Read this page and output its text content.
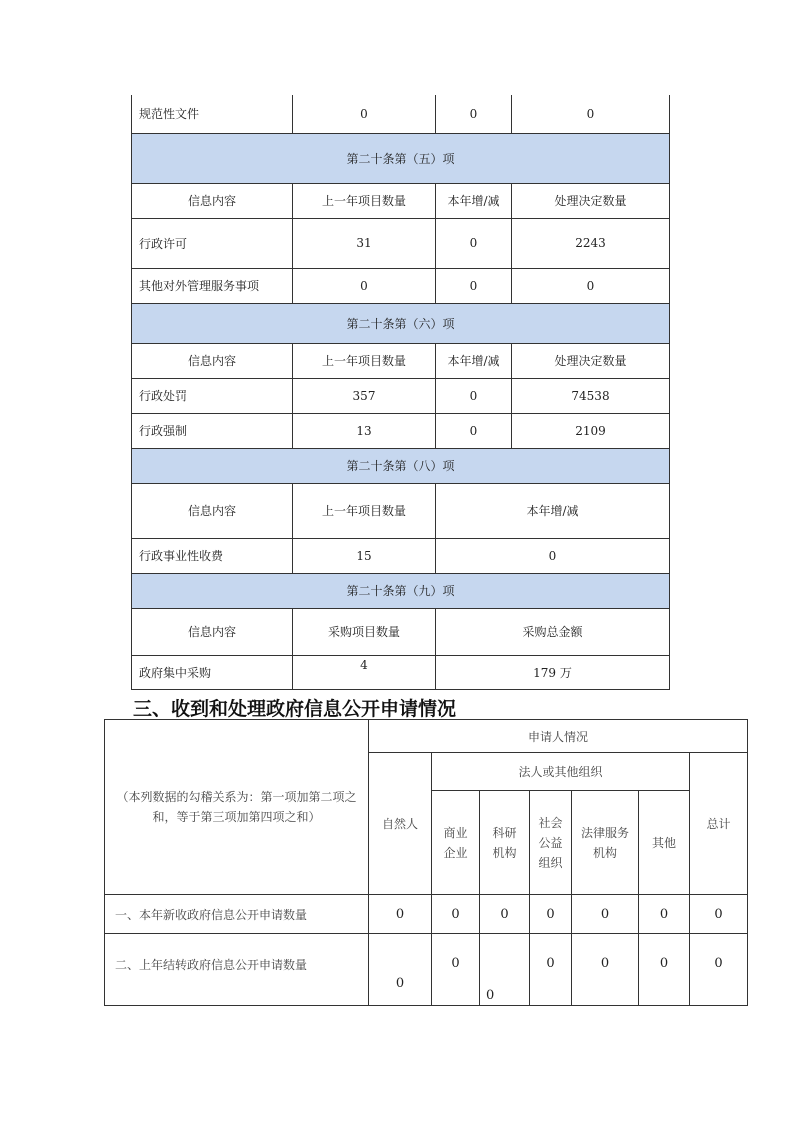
规范性文件	0	0	0
第二十条第（五）项			
信息内容	上一年项目数量	本年增/减	处理决定数量
行政许可	31	0	2243
其他对外管理服务事项	0	0	0
第二十条第（六）项			
信息内容	上一年项目数量	本年增/减	处理决定数量
行政处罚	357	0	74538
行政强制	13	0	2109
第二十条第（八）项			
信息内容	上一年项目数量	本年增/减	
行政事业性收费	15	0	
第二十条第（九）项			
信息内容	采购项目数量	采购总金额	
政府集中采购	4	179 万	
三、收到和处理政府信息公开申请情况
（本列数据的勾稽关系为：第一项加第二项之和，等于第三项加第四项之和）	申请人情况						
	自然人	法人或其他组织					总计

		商业企业	科研机构	社会公益组织	法律服务机构	其他	
一、本年新收政府信息公开申请数量	0	0	0	0	0	0	0
二、上年结转政府信息公开申请数量	0	0	0	0	0	0	0
